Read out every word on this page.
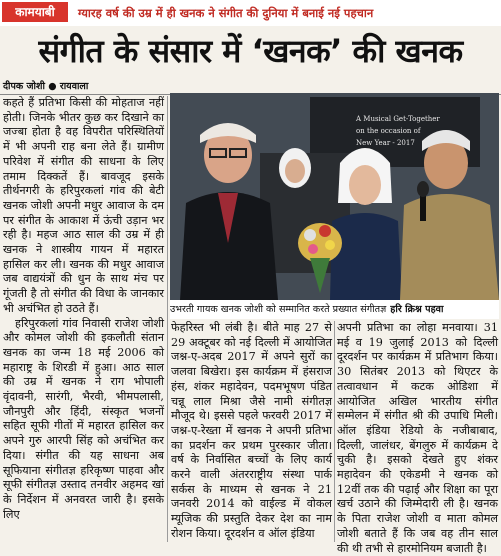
कामयाबी	ग्यारह वर्ष की उम्र में ही खनक ने संगीत की दुनिया में बनाई नई पहचान
संगीत के संसार में ‘खनक’ की खनक
दीपक जोशी ● रायवाला

कहते हैं प्रतिभा किसी की मोहताज नहीं होती। जिनके भीतर कुछ कर दिखाने का जज्बा होता है वह विपरीत परिस्थितियों में भी अपनी राह बना लेते हैं। ग्रामीण परिवेश में संगीत की साधना के लिए तमाम दिक्कतें हैं। बावजूद इसके तीर्थनगरी के हरिपुरकलां गांव की बेटी खनक जोशी अपनी मधुर आवाज के दम पर संगीत के आकाश में ऊंची उड़ान भर रही है। महज आठ साल की उम्र में ही खनक ने शास्त्रीय गायन में महारत हासिल कर ली। खनक की मधुर आवाज जब वाद्ययंत्रों की धुन के साथ मंच पर गूंजती है तो संगीत की विधा के जानकार भी अचंभित हो उठते हैं।

हरिपुरकलां गांव निवासी राजेश जोशी और कोमल जोशी की इकलौती संतान खनक का जन्म 18 मई 2006 को महाराष्ट्र के शिरडी में हुआ। आठ साल की उम्र में खनक ने राग भोपाली वृंदावनी, सारंगी, भैरवी, भीमपलासी, जौनपुरी और हिंदी, संस्कृत भजनों सहित सूफी गीतों में महारत हासिल कर अपने गुरु आरपी सिंह को अचंभित कर दिया। संगीत की यह साधना अब सूफियाना संगीतज्ञ हरिकृष्ण पाहवा और सूफी संगीतज्ञ उस्ताद तनवीर अहमद खां के निर्देशन में अनवरत जारी है। इसके लिए

A Musical Get-Together
on the occasion of
New Year - 2017
उभरती गायक खनक जोशी को सम्मानित करते प्रख्यात संगीतज्ञ हरि क्रिश्न पहवा

फेहरिस्त भी लंबी है। बीते माह 27 से 29 अक्टूबर को नई दिल्ली में आयोजित जश्न-ए-अदब 2017 में अपने सुरों का जलवा बिखेरा। इस कार्यक्रम में हंसराज हंस, शंकर महादेवन, पदमभूषण पंडित चन्नू लाल मिश्रा जैसे नामी संगीतज्ञ मौजूद थे। इससे पहले फरवरी 2017 में जश्न-ए-रेख्ता में खनक ने अपनी प्रतिभा का प्रदर्शन कर प्रथम पुरस्कार जीता। वर्ष के निर्वासित बच्चों के लिए कार्य करने वाली अंतरराष्ट्रीय संस्था पार्क सर्कस के माध्यम से खनक ने 21 जनवरी 2014 को वाईल्ड में वोकल म्यूजिक की प्रस्तुति देकर देश का नाम रोशन किया। दूरदर्शन व ऑल इंडिया

अपनी प्रतिभा का लोहा मनवाया। 31 मई व 19 जुलाई 2013 को दिल्ली दूरदर्शन पर कार्यक्रम में प्रतिभाग किया। 30 सितंबर 2013 को थिएटर के तत्वावधान में कटक ओडिशा में आयोजित अखिल भारतीय संगीत सम्मेलन में संगीत श्री की उपाधि मिली। ऑल इंडिया रेडियो के नजीबाबाद, दिल्ली, जालंधर, बेंगलुरु में कार्यक्रम दे चुकी है। इसको देखते हुए शंकर महादेवन की एकेडमी ने खनक को 12वीं तक की पढ़ाई और शिक्षा का पूरा खर्च उठाने की जिम्मेदारी ली है। खनक के पिता राजेश जोशी व माता कोमल जोशी बताते हैं कि जब वह तीन साल की थी तभी से हारमोनियम बजाती है।
